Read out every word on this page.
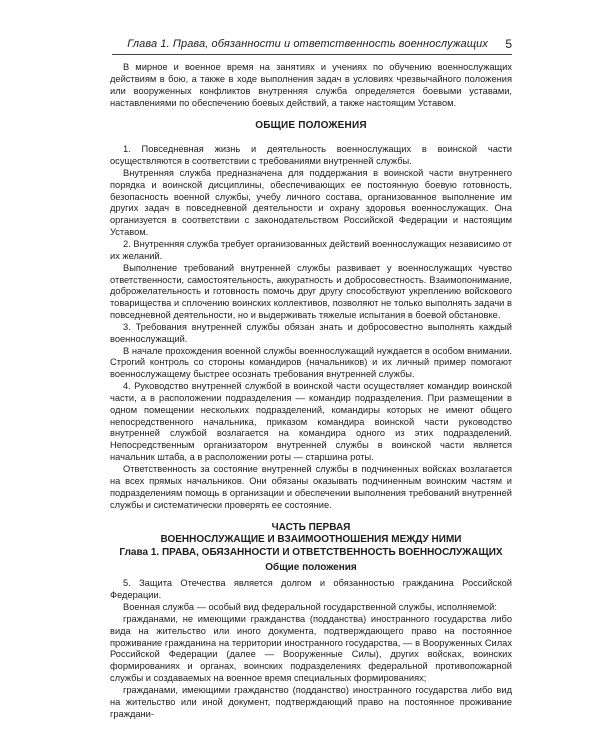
Глава 1. Права, обязанности и ответственность военнослужащих 5

В мирное и военное время на занятиях и учениях по обучению военнослужащих действиям в бою, а также в ходе выполнения задач в условиях чрезвычайного положения или вооруженных конфликтов внутренняя служба определяется боевыми уставами, наставлениями по обеспечению боевых действий, а также настоящим Уставом.

ОБЩИЕ ПОЛОЖЕНИЯ

1. Повседневная жизнь и деятельность военнослужащих в воинской части осуществляются в соответствии с требованиями внутренней службы.

Внутренняя служба предназначена для поддержания в воинской части внутреннего порядка и воинской дисциплины, обеспечивающих ее постоянную боевую готовность, безопасность военной службы, учебу личного состава, организованное выполнение им других задач в повседневной деятельности и охрану здоровья военнослужащих. Она организуется в соответствии с законодательством Российской Федерации и настоящим Уставом.

2. Внутренняя служба требует организованных действий военнослужащих независимо от их желаний.

Выполнение требований внутренней службы развивает у военнослужащих чувство ответственности, самостоятельность, аккуратность и добросовестность. Взаимопонимание, доброжелательность и готовность помочь друг другу способствуют укреплению войскового товарищества и сплочению воинских коллективов, позволяют не только выполнять задачи в повседневной деятельности, но и выдерживать тяжелые испытания в боевой обстановке.

3. Требования внутренней службы обязан знать и добросовестно выполнять каждый военнослужащий.

В начале прохождения военной службы военнослужащий нуждается в особом внимании. Строгий контроль со стороны командиров (начальников) и их личный пример помогают военнослужащему быстрее осознать требования внутренней службы.

4. Руководство внутренней службой в воинской части осуществляет командир воинской части, а в расположении подразделения — командир подразделения. При размещении в одном помещении нескольких подразделений, командиры которых не имеют общего непосредственного начальника, приказом командира воинской части руководство внутренней службой возлагается на командира одного из этих подразделений. Непосредственным организатором внутренней службы в воинской части является начальник штаба, а в расположении роты — старшина роты.

Ответственность за состояние внутренней службы в подчиненных войсках возлагается на всех прямых начальников. Они обязаны оказывать подчиненным воинским частям и подразделениям помощь в организации и обеспечении выполнения требований внутренней службы и систематически проверять ее состояние.

ЧАСТЬ ПЕРВАЯ
ВОЕННОСЛУЖАЩИЕ И ВЗАИМООТНОШЕНИЯ МЕЖДУ НИМИ
Глава 1. ПРАВА, ОБЯЗАННОСТИ И ОТВЕТСТВЕННОСТЬ ВОЕННОСЛУЖАЩИХ
Общие положения

5. Защита Отечества является долгом и обязанностью гражданина Российской Федерации.

Военная служба — особый вид федеральной государственной службы, исполняемой:

гражданами, не имеющими гражданства (подданства) иностранного государства либо вида на жительство или иного документа, подтверждающего право на постоянное проживание гражданина на территории иностранного государства, — в Вооруженных Силах Российской Федерации (далее — Вооруженные Силы), других войсках, воинских формированиях и органах, воинских подразделениях федеральной противопожарной службы и создаваемых на военное время специальных формированиях;

гражданами, имеющими гражданство (подданство) иностранного государства либо вид на жительство или иной документ, подтверждающий право на постоянное проживание граждани-
